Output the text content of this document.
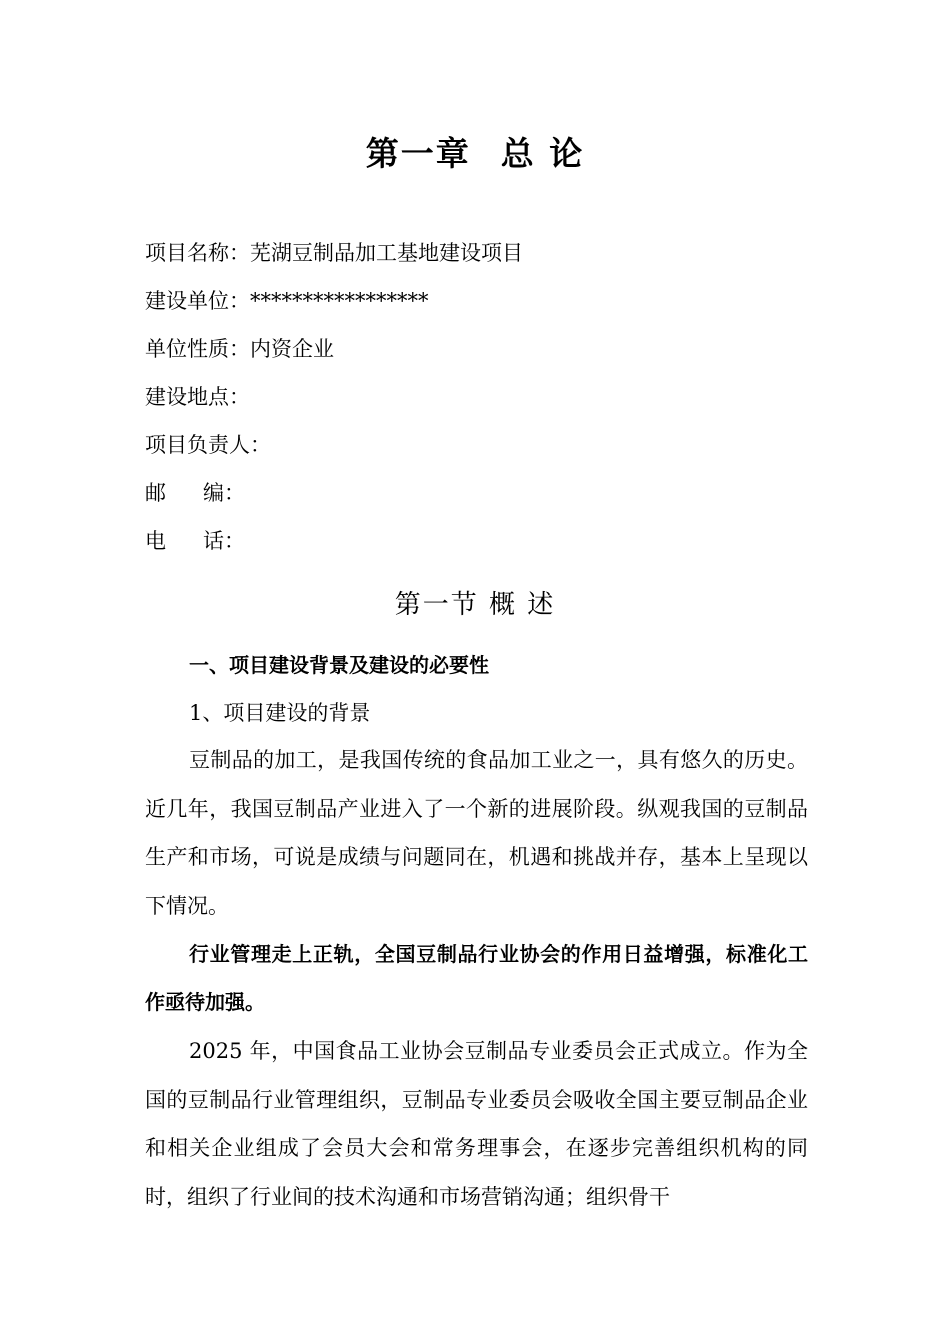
第一章 总 论
项目名称：芜湖豆制品加工基地建设项目
建设单位：*****************
单位性质：内资企业
建设地点：
项目负责人：
邮 编：
电 话：
第一节 概 述
一、项目建设背景及建设的必要性
1、项目建设的背景

豆制品的加工，是我国传统的食品加工业之一，具有悠久的历史。近几年，我国豆制品产业进入了一个新的进展阶段。纵观我国的豆制品生产和市场，可说是成绩与问题同在，机遇和挑战并存，基本上呈现以下情况。

行业管理走上正轨，全国豆制品行业协会的作用日益增强，标准化工作亟待加强。

2025 年，中国食品工业协会豆制品专业委员会正式成立。作为全国的豆制品行业管理组织，豆制品专业委员会吸收全国主要豆制品企业和相关企业组成了会员大会和常务理事会，在逐步完善组织机构的同时，组织了行业间的技术沟通和市场营销沟通；组织骨干
